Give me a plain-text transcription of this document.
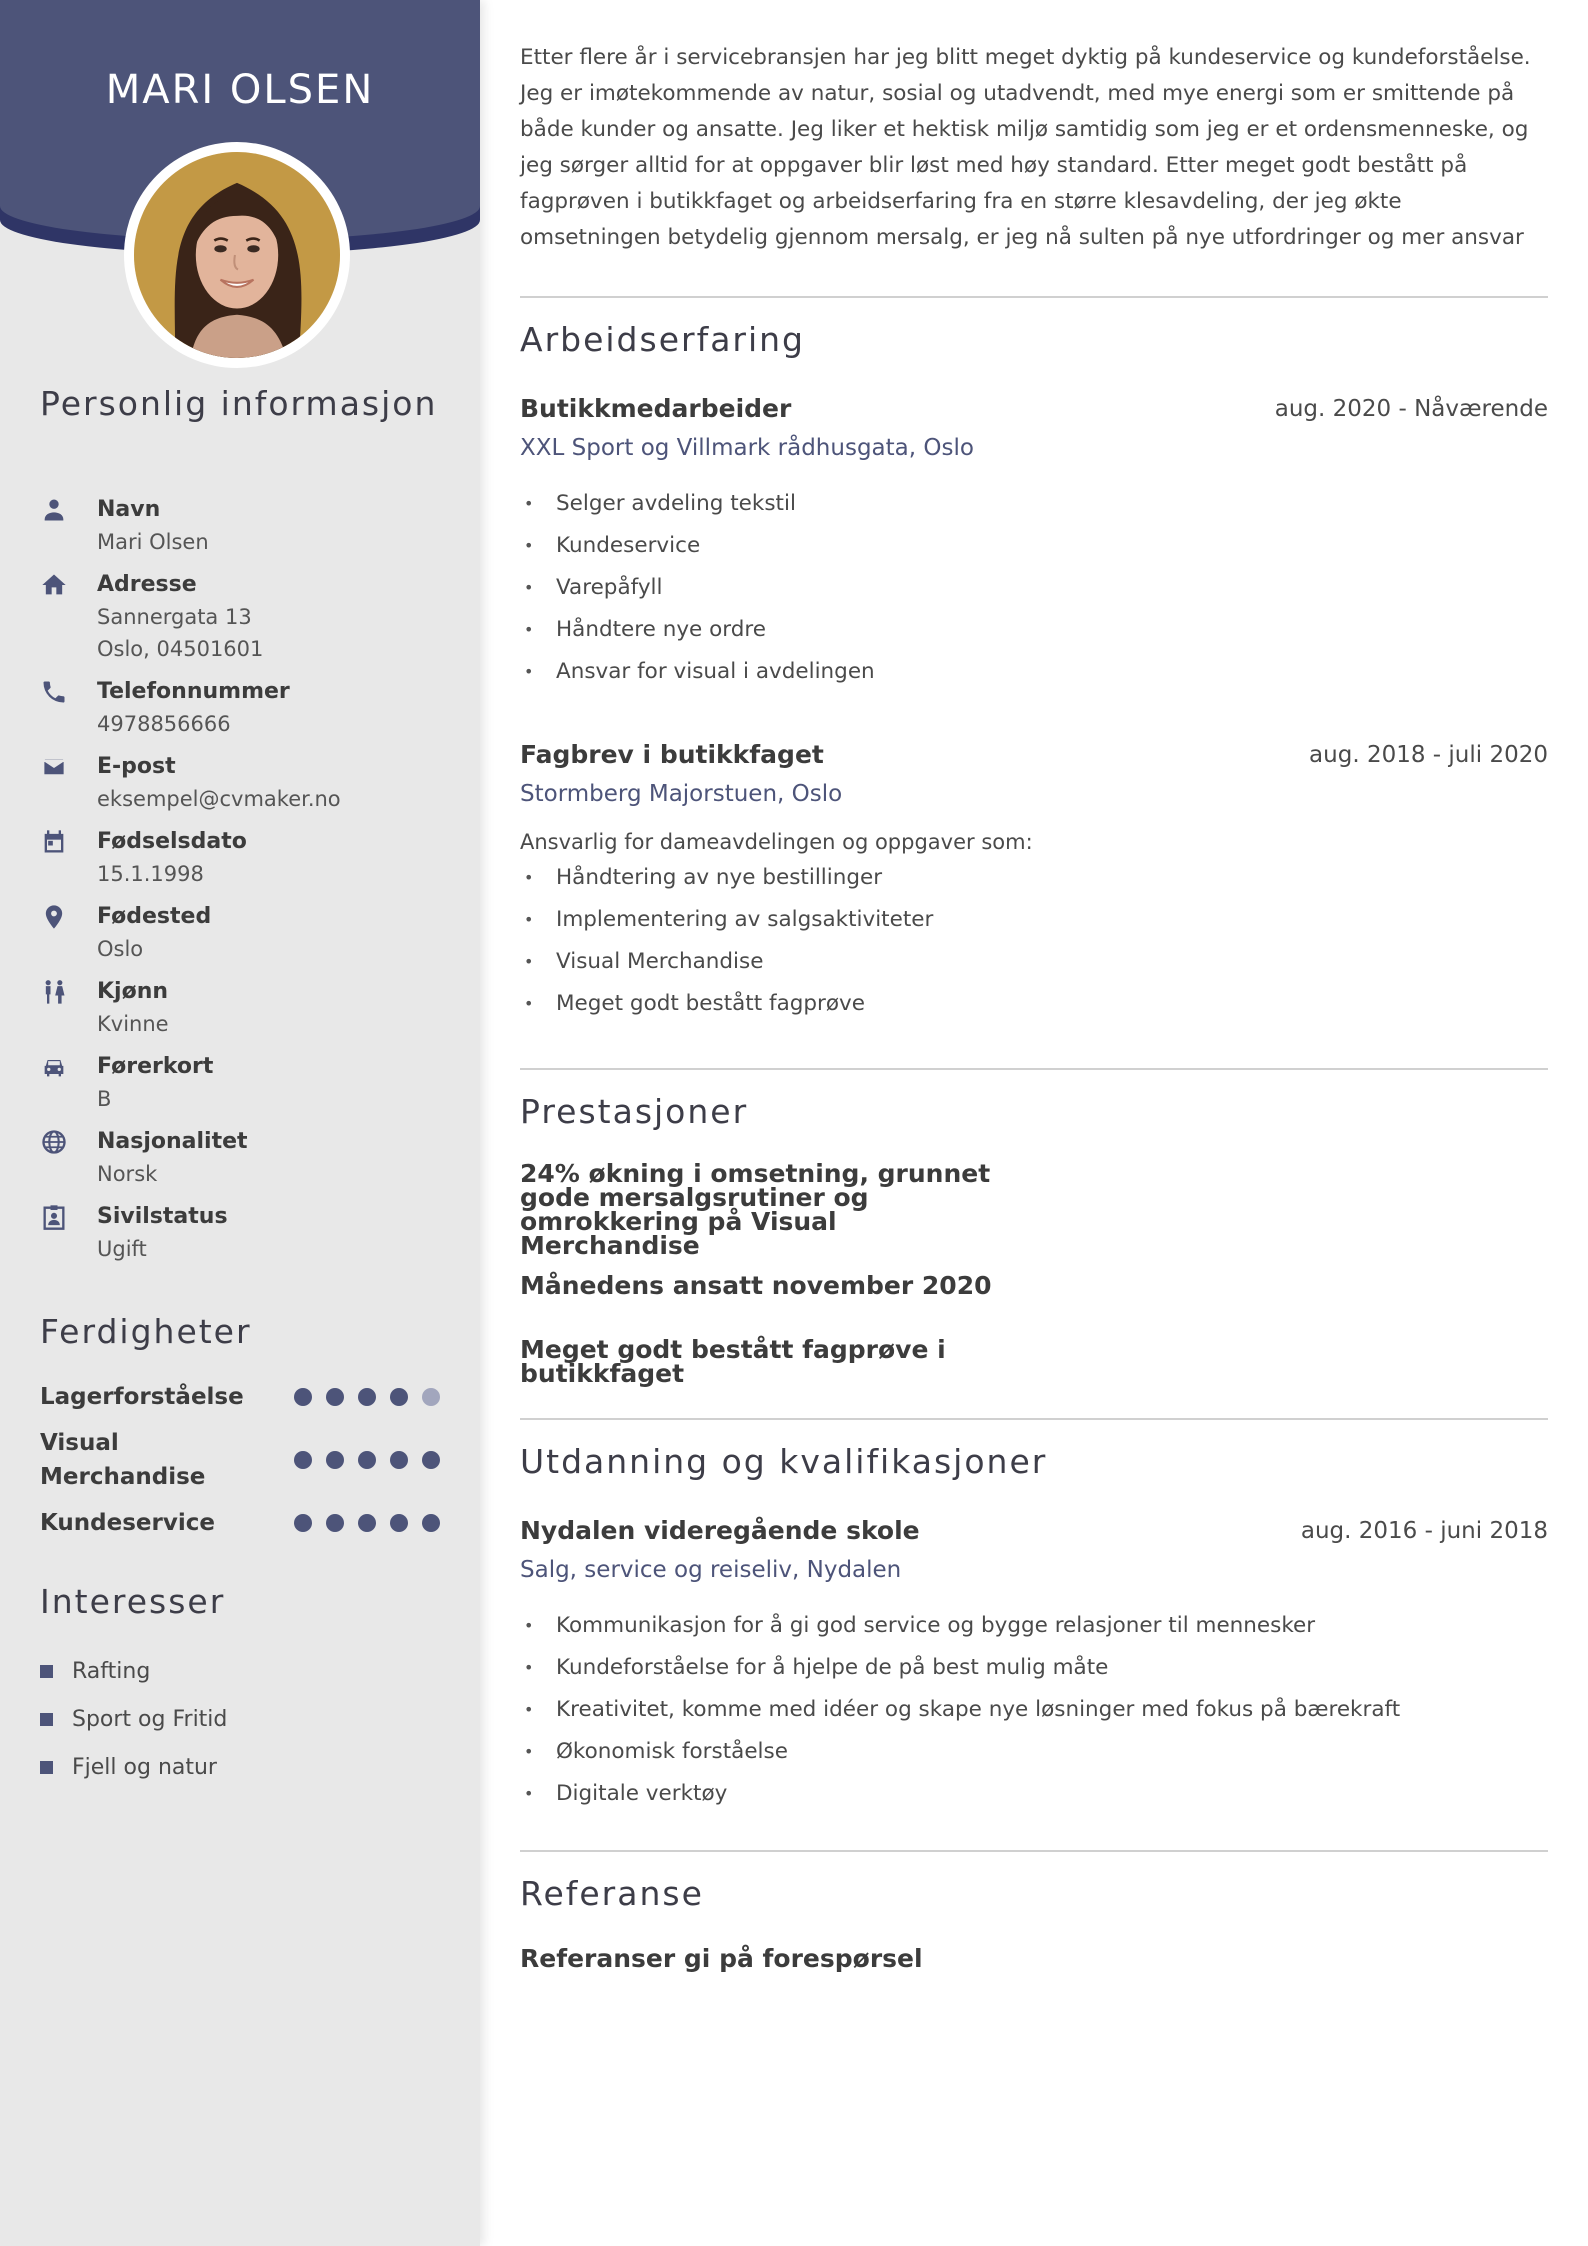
MARI OLSEN
Personlig informasjon
Navn
Mari Olsen
Adresse
Sannergata 13
Oslo, 04501601
Telefonnummer
4978856666
E-post
eksempel@cvmaker.no
Fødselsdato
15.1.1998
Fødested
Oslo
Kjønn
Kvinne
Førerkort
B
Nasjonalitet
Norsk
Sivilstatus
Ugift
Ferdigheter
Lagerforståelse
Visual Merchandise
Kundeservice
Interesser
Rafting
Sport og Fritid
Fjell og natur

Etter flere år i servicebransjen har jeg blitt meget dyktig på kundeservice og kundeforståelse. Jeg er imøtekommende av natur, sosial og utadvendt, med mye energi som er smittende på både kunder og ansatte. Jeg liker et hektisk miljø samtidig som jeg er et ordensmenneske, og jeg sørger alltid for at oppgaver blir løst med høy standard. Etter meget godt bestått på fagprøven i butikkfaget og arbeidserfaring fra en større klesavdeling, der jeg økte omsetningen betydelig gjennom mersalg, er jeg nå sulten på nye utfordringer og mer ansvar

Arbeidserfaring
Butikkmedarbeider	aug. 2020 - Nåværende
XXL Sport og Villmark rådhusgata, Oslo
• Selger avdeling tekstil
• Kundeservice
• Varepåfyll
• Håndtere nye ordre
• Ansvar for visual i avdelingen
Fagbrev i butikkfaget	aug. 2018 - juli 2020
Stormberg Majorstuen, Oslo
Ansvarlig for dameavdelingen og oppgaver som:
• Håndtering av nye bestillinger
• Implementering av salgsaktiviteter
• Visual Merchandise
• Meget godt bestått fagprøve
Prestasjoner
24% økning i omsetning, grunnet gode mersalgsrutiner og omrokkering på Visual Merchandise
Månedens ansatt november 2020
Meget godt bestått fagprøve i butikkfaget
Utdanning og kvalifikasjoner
Nydalen videregående skole	aug. 2016 - juni 2018
Salg, service og reiseliv, Nydalen
• Kommunikasjon for å gi god service og bygge relasjoner til mennesker
• Kundeforståelse for å hjelpe de på best mulig måte
• Kreativitet, komme med idéer og skape nye løsninger med fokus på bærekraft
• Økonomisk forståelse
• Digitale verktøy
Referanse
Referanser gi på forespørsel
